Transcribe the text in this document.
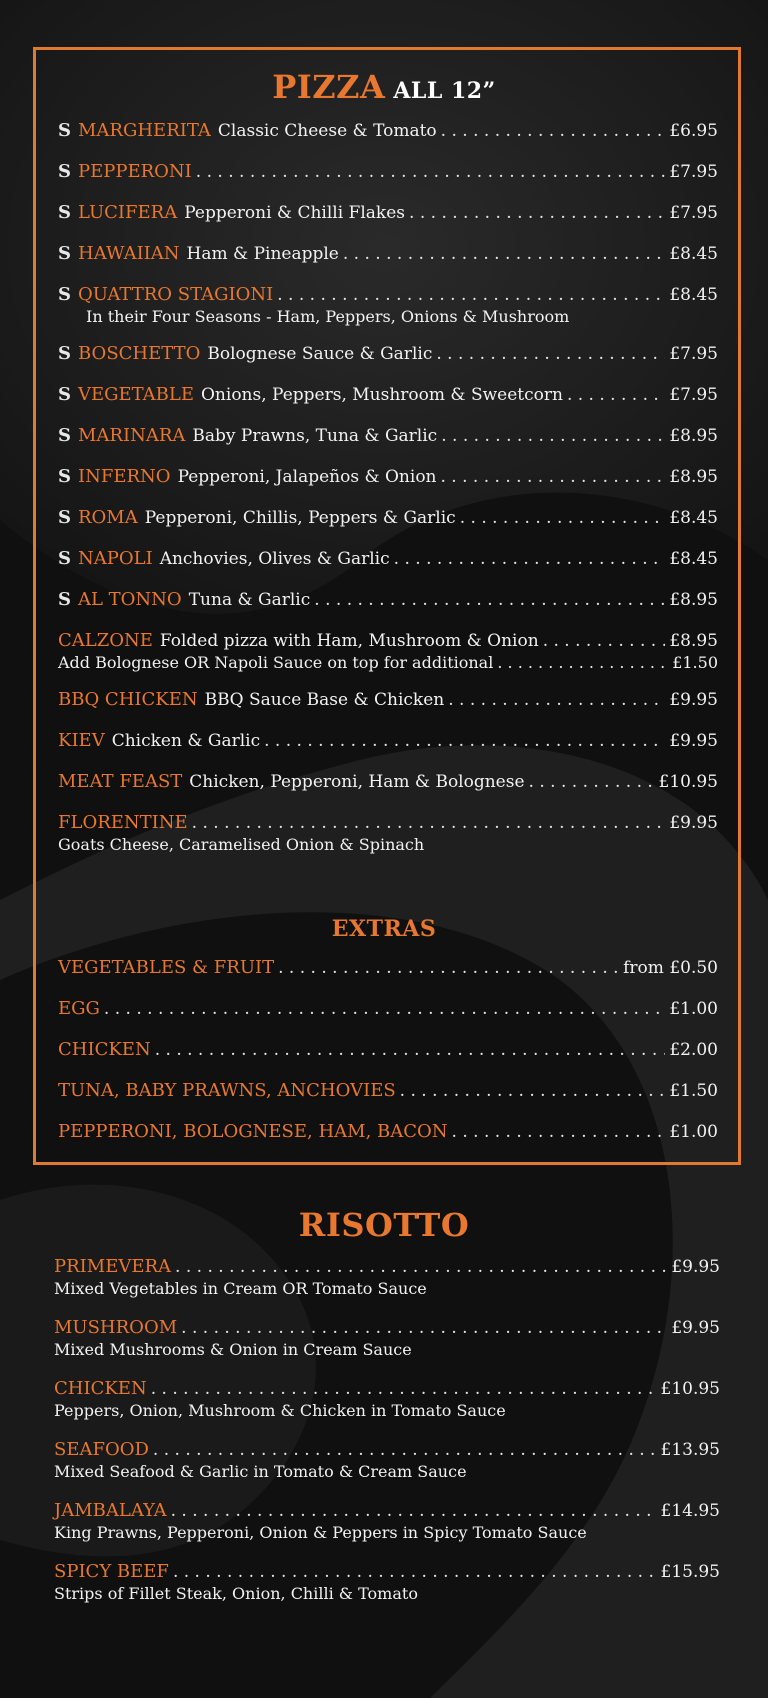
PIZZA ALL 12”
S MARGHERITA Classic Cheese & Tomato . . .	£6.95
S PEPPERONI . . .	£7.95
S LUCIFERA Pepperoni & Chilli Flakes . . .	£7.95
S HAWAIIAN Ham & Pineapple . . .	£8.45
S QUATTRO STAGIONI . . .	£8.45
In their Four Seasons - Ham, Peppers, Onions & Mushroom
S BOSCHETTO Bolognese Sauce & Garlic . . .	£7.95
S VEGETABLE Onions, Peppers, Mushroom & Sweetcorn . . .	£7.95
S MARINARA Baby Prawns, Tuna & Garlic . . .	£8.95
S INFERNO Pepperoni, Jalapeños & Onion . . .	£8.95
S ROMA Pepperoni, Chillis, Peppers & Garlic . . .	£8.45
S NAPOLI Anchovies, Olives & Garlic . . .	£8.45
S AL TONNO Tuna & Garlic . . .	£8.95
CALZONE Folded pizza with Ham, Mushroom & Onion . . .	£8.95
Add Bolognese OR Napoli Sauce on top for additional . . .	£1.50
BBQ CHICKEN BBQ Sauce Base & Chicken . . .	£9.95
KIEV Chicken & Garlic . . .	£9.95
MEAT FEAST Chicken, Pepperoni, Ham & Bolognese . . .	£10.95
FLORENTINE . . .	£9.95
Goats Cheese, Caramelised Onion & Spinach
EXTRAS
VEGETABLES & FRUIT . . .	from £0.50
EGG . . .	£1.00
CHICKEN . . .	£2.00
TUNA, BABY PRAWNS, ANCHOVIES . . .	£1.50
PEPPERONI, BOLOGNESE, HAM, BACON . . .	£1.00
RISOTTO
PRIMEVERA . . .	£9.95
Mixed Vegetables in Cream OR Tomato Sauce
MUSHROOM . . .	£9.95
Mixed Mushrooms & Onion in Cream Sauce
CHICKEN . . .	£10.95
Peppers, Onion, Mushroom & Chicken in Tomato Sauce
SEAFOOD . . .	£13.95
Mixed Seafood & Garlic in Tomato & Cream Sauce
JAMBALAYA . . .	£14.95
King Prawns, Pepperoni, Onion & Peppers in Spicy Tomato Sauce
SPICY BEEF . . .	£15.95
Strips of Fillet Steak, Onion, Chilli & Tomato
